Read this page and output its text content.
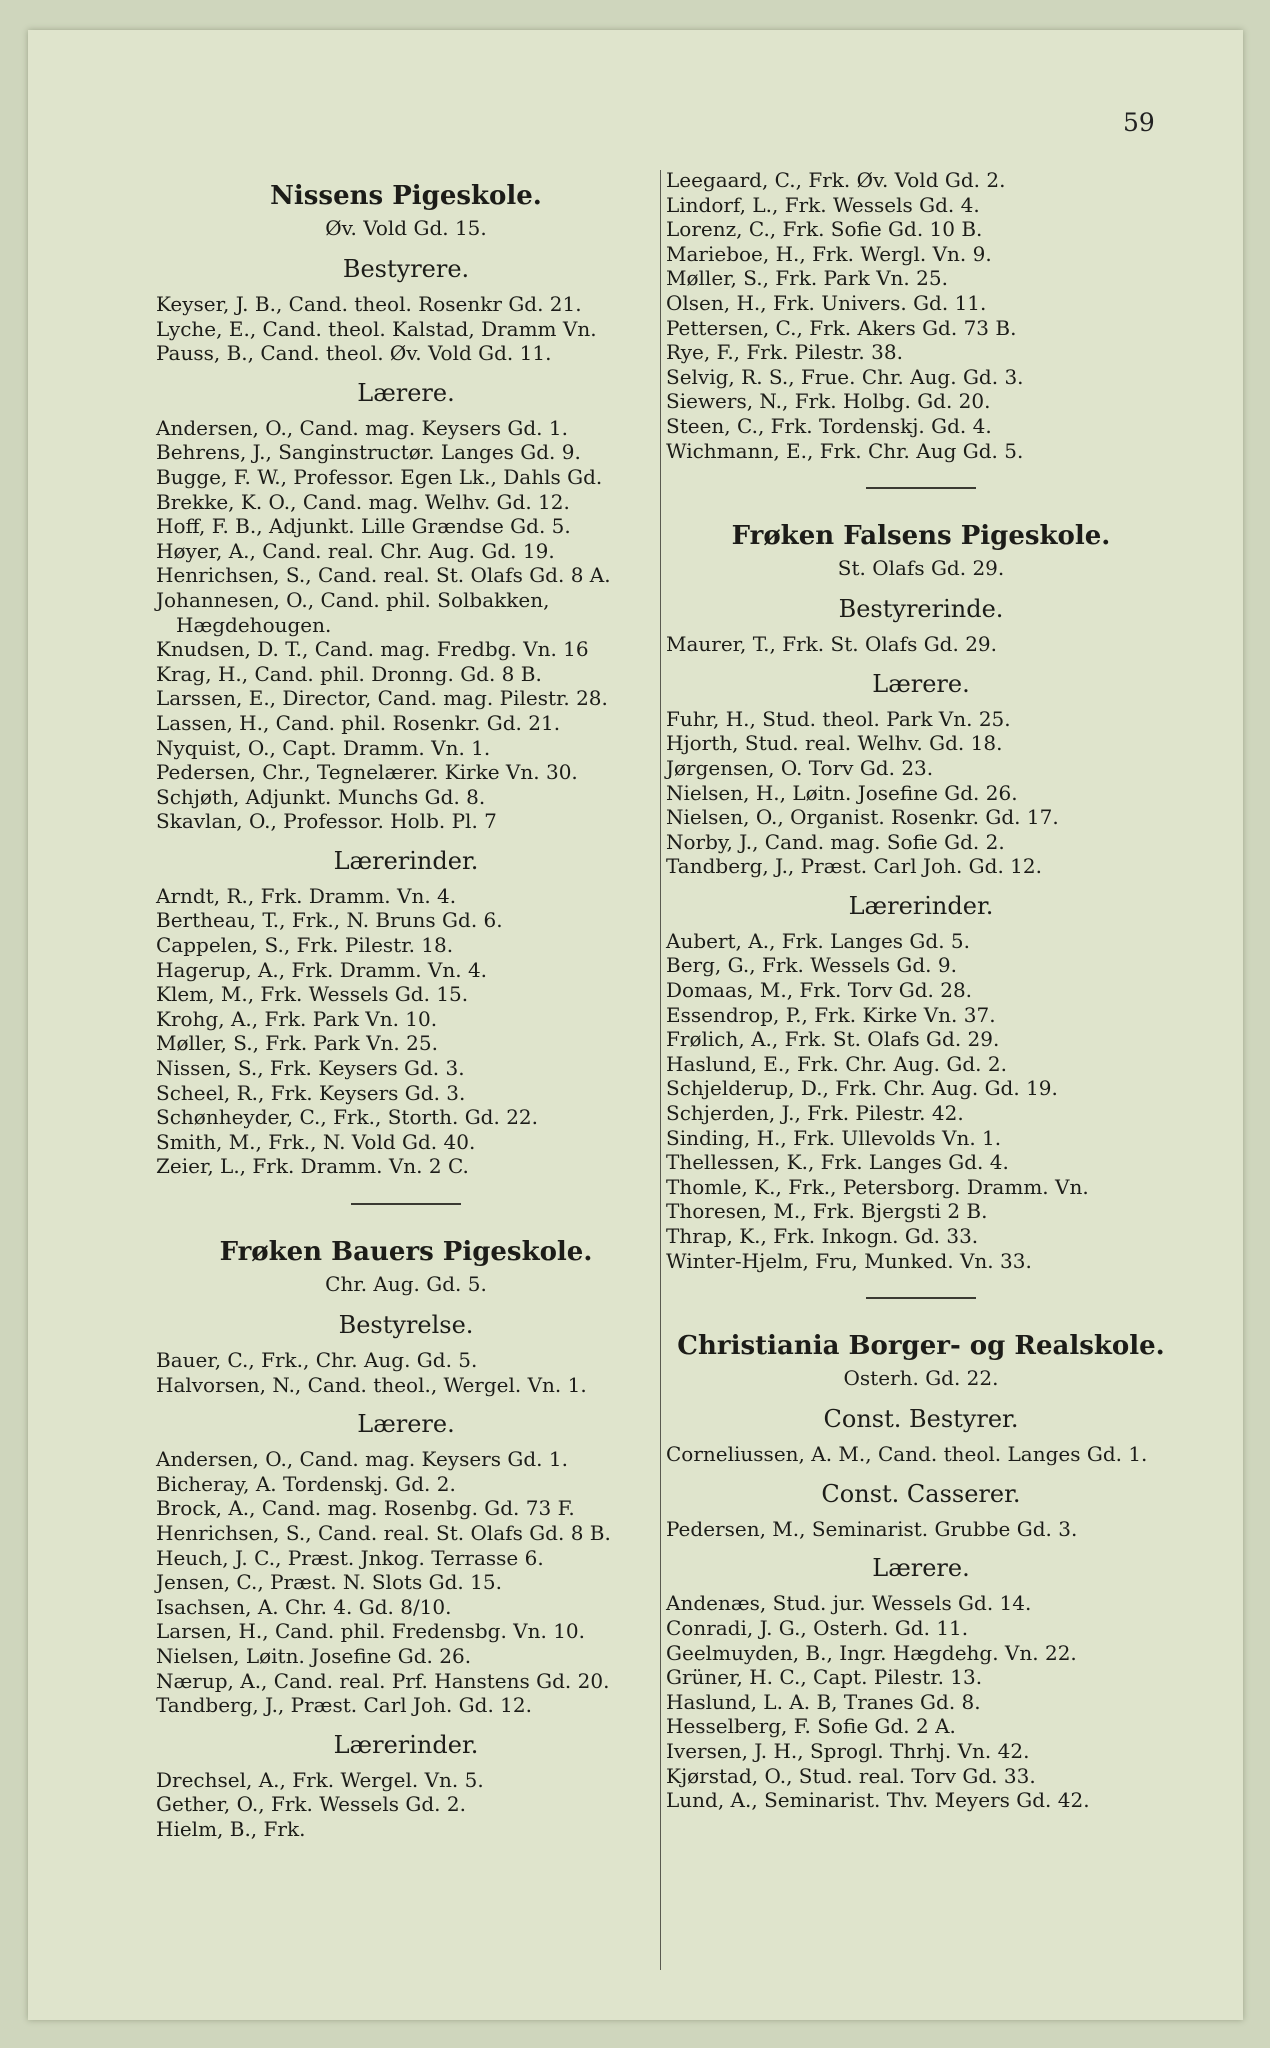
59
Nissens Pigeskole.
Øv. Vold Gd. 15.
Bestyrere.
Keyser, J. B., Cand. theol. Rosenkr Gd. 21.
Lyche, E., Cand. theol. Kalstad, Dramm Vn.
Pauss, B., Cand. theol. Øv. Vold Gd. 11.
Lærere.
Andersen, O., Cand. mag. Keysers Gd. 1.
Behrens, J., Sanginstructør. Langes Gd. 9.
Bugge, F. W., Professor. Egen Lk., Dahls Gd.
Brekke, K. O., Cand. mag. Welhv. Gd. 12.
Hoff, F. B., Adjunkt. Lille Grændse Gd. 5.
Høyer, A., Cand. real. Chr. Aug. Gd. 19.
Henrichsen, S., Cand. real. St. Olafs Gd. 8 A.
Johannesen, O., Cand. phil. Solbakken, Hægdehougen.
Knudsen, D. T., Cand. mag. Fredbg. Vn. 16
Krag, H., Cand. phil. Dronng. Gd. 8 B.
Larssen, E., Director, Cand. mag. Pilestr. 28.
Lassen, H., Cand. phil. Rosenkr. Gd. 21.
Nyquist, O., Capt. Dramm. Vn. 1.
Pedersen, Chr., Tegnelærer. Kirke Vn. 30.
Schjøth, Adjunkt. Munchs Gd. 8.
Skavlan, O., Professor. Holb. Pl. 7
Lærerinder.
Arndt, R., Frk. Dramm. Vn. 4.
Bertheau, T., Frk., N. Bruns Gd. 6.
Cappelen, S., Frk. Pilestr. 18.
Hagerup, A., Frk. Dramm. Vn. 4.
Klem, M., Frk. Wessels Gd. 15.
Krohg, A., Frk. Park Vn. 10.
Møller, S., Frk. Park Vn. 25.
Nissen, S., Frk. Keysers Gd. 3.
Scheel, R., Frk. Keysers Gd. 3.
Schønheyder, C., Frk., Storth. Gd. 22.
Smith, M., Frk., N. Vold Gd. 40.
Zeier, L., Frk. Dramm. Vn. 2 C.
Frøken Bauers Pigeskole.
Chr. Aug. Gd. 5.
Bestyrelse.
Bauer, C., Frk., Chr. Aug. Gd. 5.
Halvorsen, N., Cand. theol., Wergel. Vn. 1.
Lærere.
Andersen, O., Cand. mag. Keysers Gd. 1.
Bicheray, A. Tordenskj. Gd. 2.
Brock, A., Cand. mag. Rosenbg. Gd. 73 F.
Henrichsen, S., Cand. real. St. Olafs Gd. 8 B.
Heuch, J. C., Præst. Jnkog. Terrasse 6.
Jensen, C., Præst. N. Slots Gd. 15.
Isachsen, A. Chr. 4. Gd. 8/10.
Larsen, H., Cand. phil. Fredensbg. Vn. 10.
Nielsen, Løitn. Josefine Gd. 26.
Nærup, A., Cand. real. Prf. Hanstens Gd. 20.
Tandberg, J., Præst. Carl Joh. Gd. 12.
Lærerinder.
Drechsel, A., Frk. Wergel. Vn. 5.
Gether, O., Frk. Wessels Gd. 2.
Hielm, B., Frk.
Leegaard, C., Frk. Øv. Vold Gd. 2.
Lindorf, L., Frk. Wessels Gd. 4.
Lorenz, C., Frk. Sofie Gd. 10 B.
Marieboe, H., Frk. Wergl. Vn. 9.
Møller, S., Frk. Park Vn. 25.
Olsen, H., Frk. Univers. Gd. 11.
Pettersen, C., Frk. Akers Gd. 73 B.
Rye, F., Frk. Pilestr. 38.
Selvig, R. S., Frue. Chr. Aug. Gd. 3.
Siewers, N., Frk. Holbg. Gd. 20.
Steen, C., Frk. Tordenskj. Gd. 4.
Wichmann, E., Frk. Chr. Aug Gd. 5.
Frøken Falsens Pigeskole.
St. Olafs Gd. 29.
Bestyrerinde.
Maurer, T., Frk. St. Olafs Gd. 29.
Lærere.
Fuhr, H., Stud. theol. Park Vn. 25.
Hjorth, Stud. real. Welhv. Gd. 18.
Jørgensen, O. Torv Gd. 23.
Nielsen, H., Løitn. Josefine Gd. 26.
Nielsen, O., Organist. Rosenkr. Gd. 17.
Norby, J., Cand. mag. Sofie Gd. 2.
Tandberg, J., Præst. Carl Joh. Gd. 12.
Lærerinder.
Aubert, A., Frk. Langes Gd. 5.
Berg, G., Frk. Wessels Gd. 9.
Domaas, M., Frk. Torv Gd. 28.
Essendrop, P., Frk. Kirke Vn. 37.
Frølich, A., Frk. St. Olafs Gd. 29.
Haslund, E., Frk. Chr. Aug. Gd. 2.
Schjelderup, D., Frk. Chr. Aug. Gd. 19.
Schjerden, J., Frk. Pilestr. 42.
Sinding, H., Frk. Ullevolds Vn. 1.
Thellessen, K., Frk. Langes Gd. 4.
Thomle, K., Frk., Petersborg. Dramm. Vn.
Thoresen, M., Frk. Bjergsti 2 B.
Thrap, K., Frk. Inkogn. Gd. 33.
Winter-Hjelm, Fru, Munked. Vn. 33.
Christiania Borger- og Realskole.
Osterh. Gd. 22.
Const. Bestyrer.
Corneliussen, A. M., Cand. theol. Langes Gd. 1.
Const. Casserer.
Pedersen, M., Seminarist. Grubbe Gd. 3.
Lærere.
Andenæs, Stud. jur. Wessels Gd. 14.
Conradi, J. G., Osterh. Gd. 11.
Geelmuyden, B., Ingr. Hægdehg. Vn. 22.
Grüner, H. C., Capt. Pilestr. 13.
Haslund, L. A. B, Tranes Gd. 8.
Hesselberg, F. Sofie Gd. 2 A.
Iversen, J. H., Sprogl. Thrhj. Vn. 42.
Kjørstad, O., Stud. real. Torv Gd. 33.
Lund, A., Seminarist. Thv. Meyers Gd. 42.
